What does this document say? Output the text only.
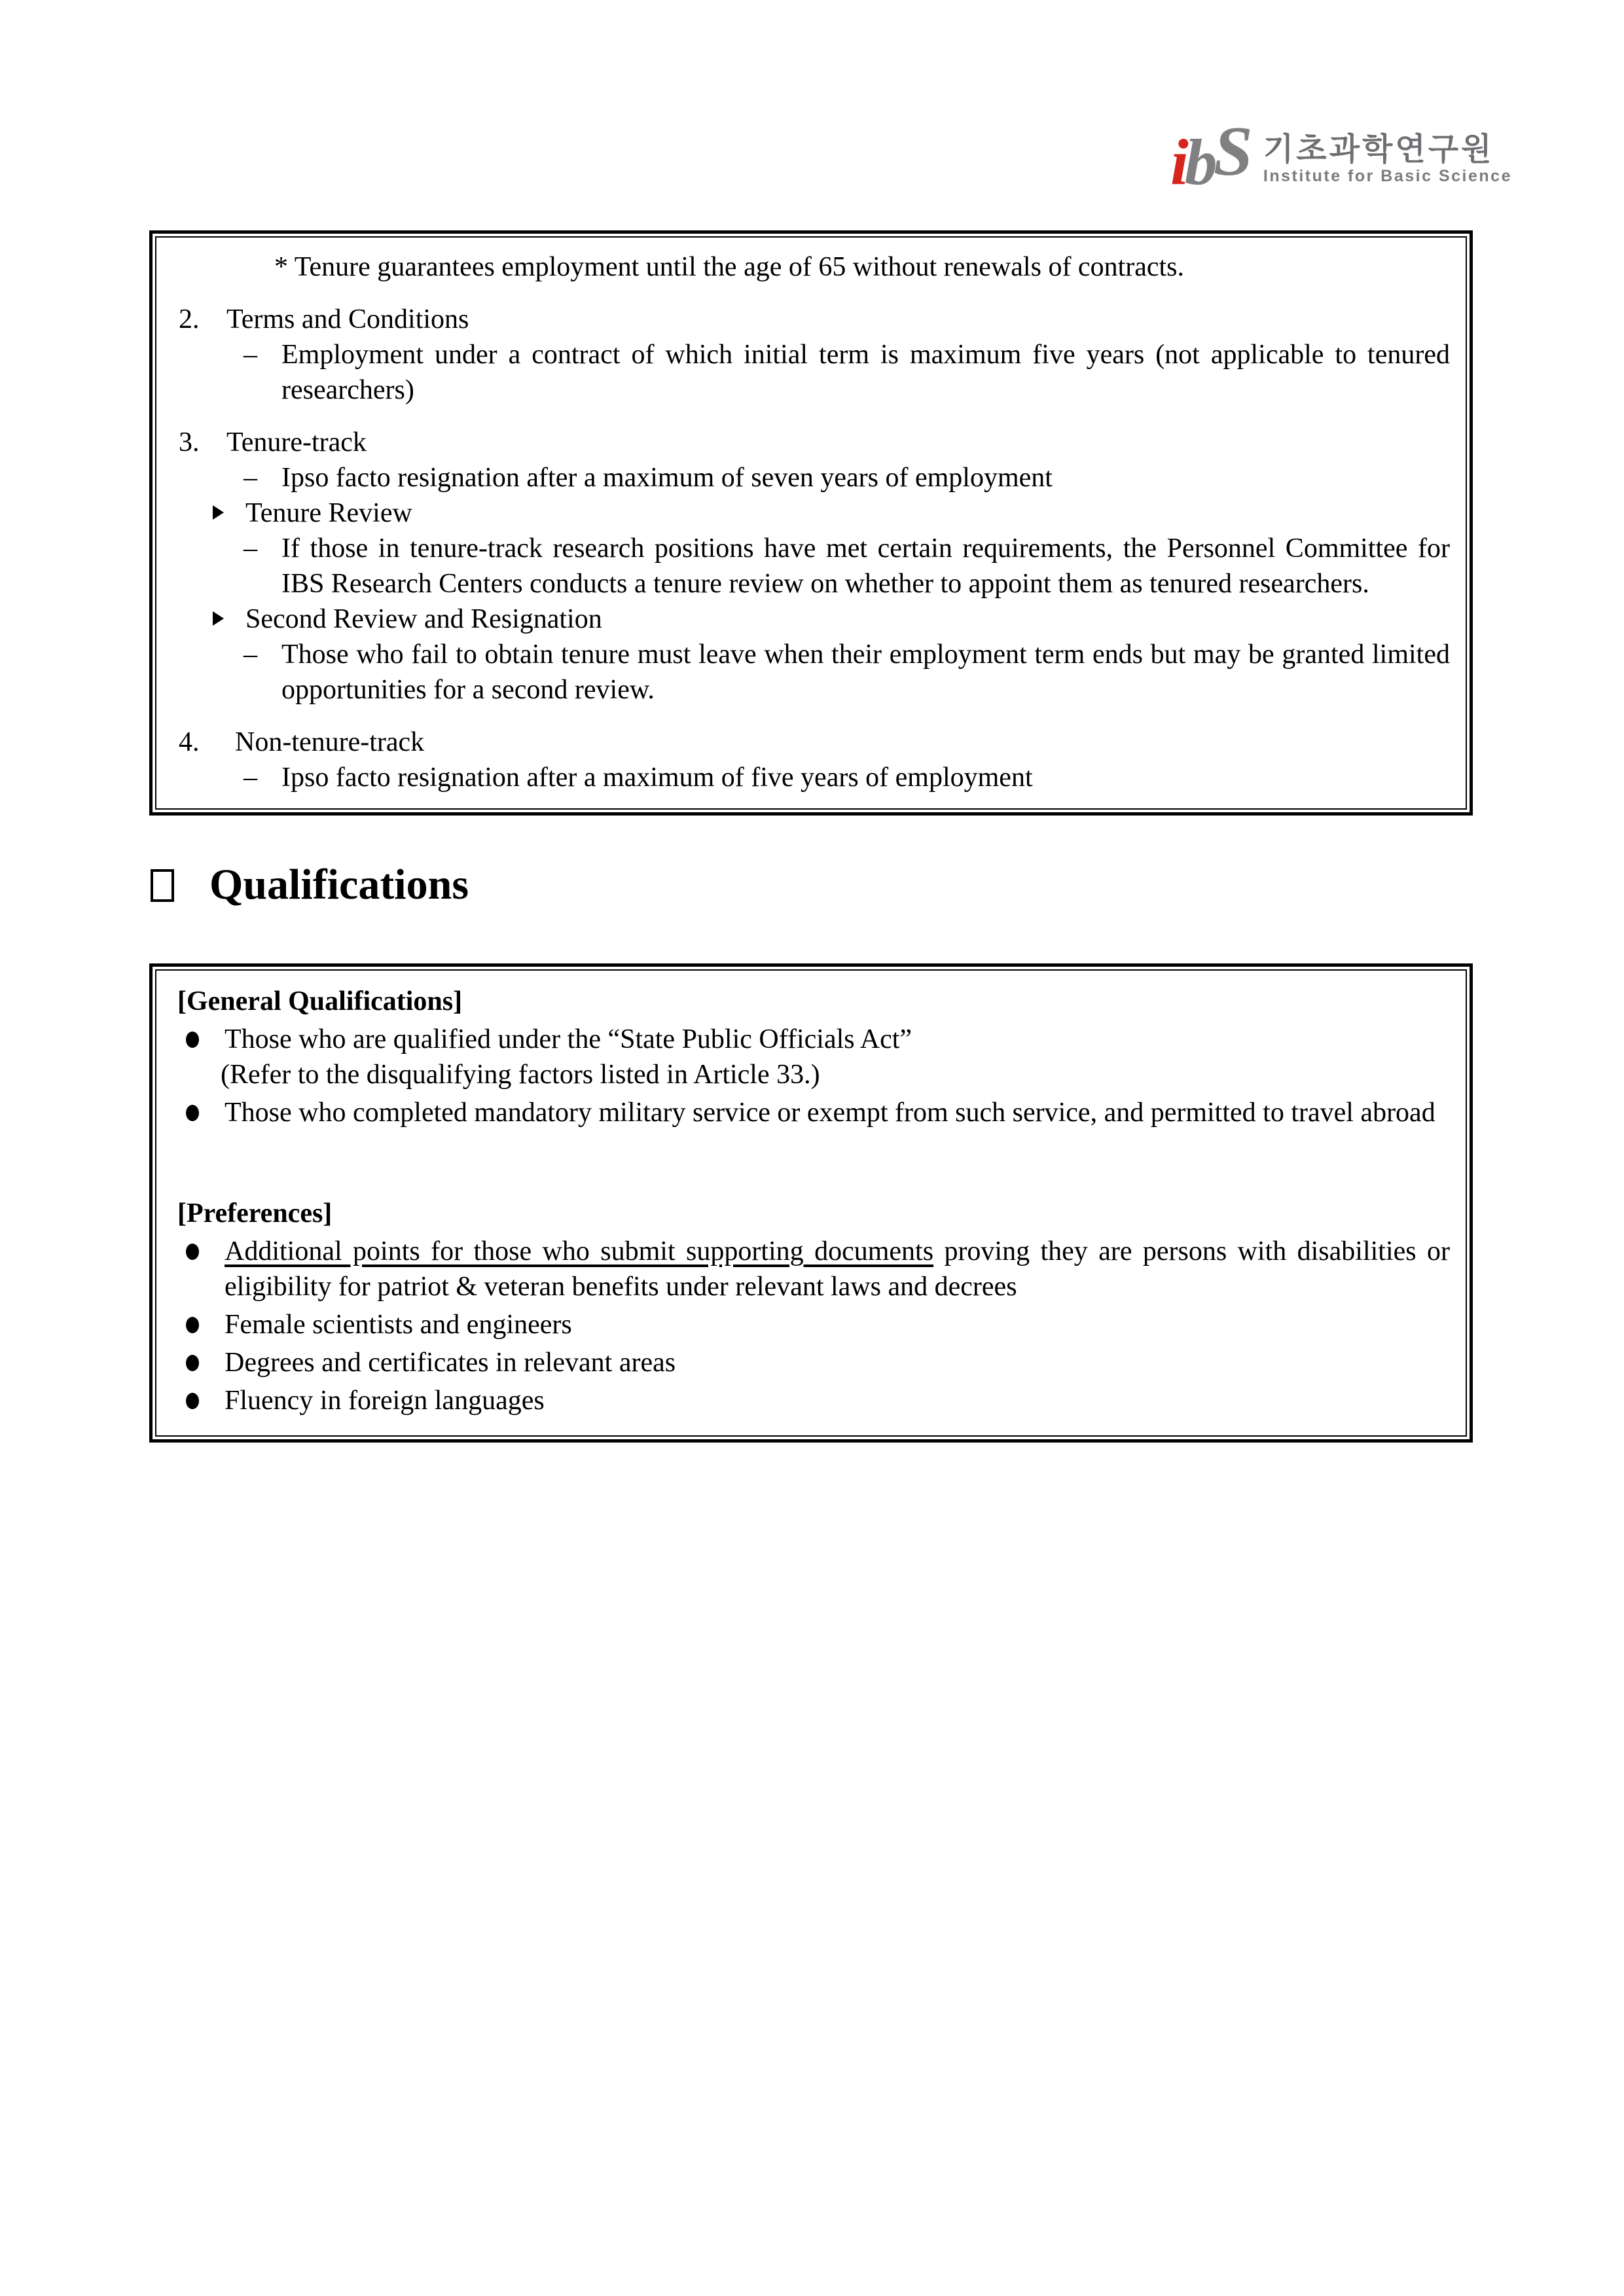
ibS 기초과학연구원
Institute for Basic Science

* Tenure guarantees employment until the age of 65 without renewals of contracts.

2. Terms and Conditions
– Employment under a contract of which initial term is maximum five years (not applicable to tenured researchers)

3. Tenure-track
– Ipso facto resignation after a maximum of seven years of employment

Tenure Review

– If those in tenure-track research positions have met certain requirements, the Personnel Committee for IBS Research Centers conducts a tenure review on whether to appoint them as tenured researchers.

Second Review and Resignation

– Those who fail to obtain tenure must leave when their employment term ends but may be granted limited opportunities for a second review.

4. Non-tenure-track
– Ipso facto resignation after a maximum of five years of employment

Qualifications

[General Qualifications]

Those who are qualified under the “State Public Officials Act”

(Refer to the disqualifying factors listed in Article 33.)

Those who completed mandatory military service or exempt from such service, and permitted to travel abroad

[Preferences]

Additional points for those who submit supporting documents proving they are persons with disabilities or eligibility for patriot & veteran benefits under relevant laws and decrees

Female scientists and engineers

Degrees and certificates in relevant areas

Fluency in foreign languages
